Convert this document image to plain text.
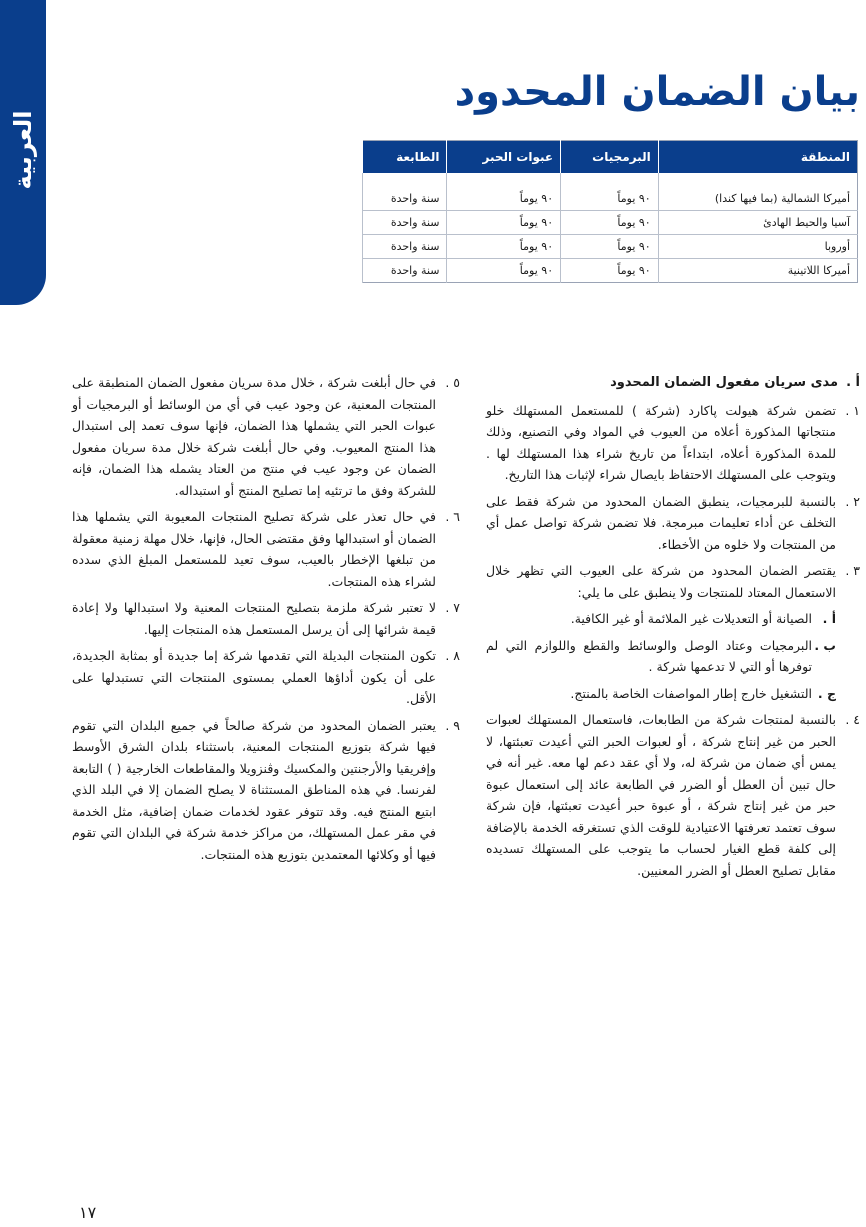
العربية
بيان الضمان المحدود
المنطقة	البرمجيات	عبوات الحبر	الطابعة

أميركا الشمالية (بما فيها كندا)	٩٠ يوماً	٩٠ يوماً	سنة واحدة
آسيا والحيط الهادئ	٩٠ يوماً	٩٠ يوماً	سنة واحدة
أوروبا	٩٠ يوماً	٩٠ يوماً	سنة واحدة
أميركا اللاتينية	٩٠ يوماً	٩٠ يوماً	سنة واحدة
أ .مدى سريان مفعول الضمان المحدود
١ .
تضمن شركة هيولت پاكارد (شركة ) للمستعمل المستهلك خلو منتجاتها المذكورة أعلاه من العيوب في المواد وفي التصنيع، وذلك للمدة المذكورة أعلاه، ابتداءاً من تاريخ شراء هذا المستهلك لها . ويتوجب على المستهلك الاحتفاظ بايصال شراء لإثبات هذا التاريخ.
٢ .
بالنسبة للبرمجيات، ينطبق الضمان المحدود من شركة فقط على التخلف عن أداء تعليمات مبرمجة. فلا تضمن شركة تواصل عمل أي من المنتجات ولا خلوه من الأخطاء.
٣ .
يقتصر الضمان المحدود من شركة على العيوب التي تظهر خلال الاستعمال المعتاد للمنتجات ولا ينطبق على ما يلي:
أ .
الصيانة أو التعديلات غير الملائمة أو غير الكافية.
ب .
البرمجيات وعتاد الوصل والوسائط والقطع واللوازم التي لم توفرها أو التي لا تدعمها شركة .
ج .
التشغيل خارج إطار المواصفات الخاصة بالمنتج.
٤ .
بالنسبة لمنتجات شركة من الطابعات، فاستعمال المستهلك لعبوات الحبر من غير إنتاج شركة ، أو لعبوات الحبر التي أعيدت تعبئتها، لا يمس أي ضمان من شركة له، ولا أي عقد دعم لها معه. غير أنه في حال تبين أن العطل أو الضرر في الطابعة عائد إلى استعمال عبوة حبر من غير إنتاج شركة ، أو عبوة حبر أعيدت تعبئتها، فإن شركة سوف تعتمد تعرفتها الاعتيادية للوقت الذي تستغرقه الخدمة بالإضافة إلى كلفة قطع الغيار لحساب ما يتوجب على المستهلك تسديده مقابل تصليح العطل أو الضرر المعنيين.
٥ .
في حال أبلغت شركة ، خلال مدة سريان مفعول الضمان المنطبقة على المنتجات المعنية، عن وجود عيب في أي من الوسائط أو البرمجيات أو عبوات الحبر التي يشملها هذا الضمان، فإنها سوف تعمد إلى استبدال هذا المنتج المعيوب. وفي حال أبلغت شركة خلال مدة سريان مفعول الضمان عن وجود عيب في منتج من العتاد يشمله هذا الضمان، فإنه للشركة وفق ما ترتئيه إما تصليح المنتج أو استبداله.
٦ .
في حال تعذر على شركة تصليح المنتجات المعيوبة التي يشملها هذا الضمان أو استبدالها وفق مقتضى الحال، فإنها، خلال مهلة زمنية معقولة من تبلغها الإخطار بالعيب، سوف تعيد للمستعمل المبلغ الذي سدده لشراء هذه المنتجات.
٧ .
لا تعتبر شركة ملزمة بتصليح المنتجات المعنية ولا استبدالها ولا إعادة قيمة شرائها إلى أن يرسل المستعمل هذه المنتجات إليها.
٨ .
تكون المنتجات البديلة التي تقدمها شركة إما جديدة أو بمثابة الجديدة، على أن يكون أداؤها العملي بمستوى المنتجات التي تستبدلها على الأقل.
٩ .
يعتبر الضمان المحدود من شركة صالحاً في جميع البلدان التي تقوم فيها شركة بتوزيع المنتجات المعنية، باستثناء بلدان الشرق الأوسط وإفريقيا والأرجنتين والمكسيك وڤنزويلا والمقاطعات الخارجية ( ) التابعة لفرنسا. في هذه المناطق المستثناة لا يصلح الضمان إلا في البلد الذي ابتيع المنتج فيه. وقد تتوفر عقود لخدمات ضمان إضافية، مثل الخدمة في مقر عمل المستهلك، من مراكز خدمة شركة في البلدان التي تقوم فيها أو وكلائها المعتمدين بتوزيع هذه المنتجات.
١٧
